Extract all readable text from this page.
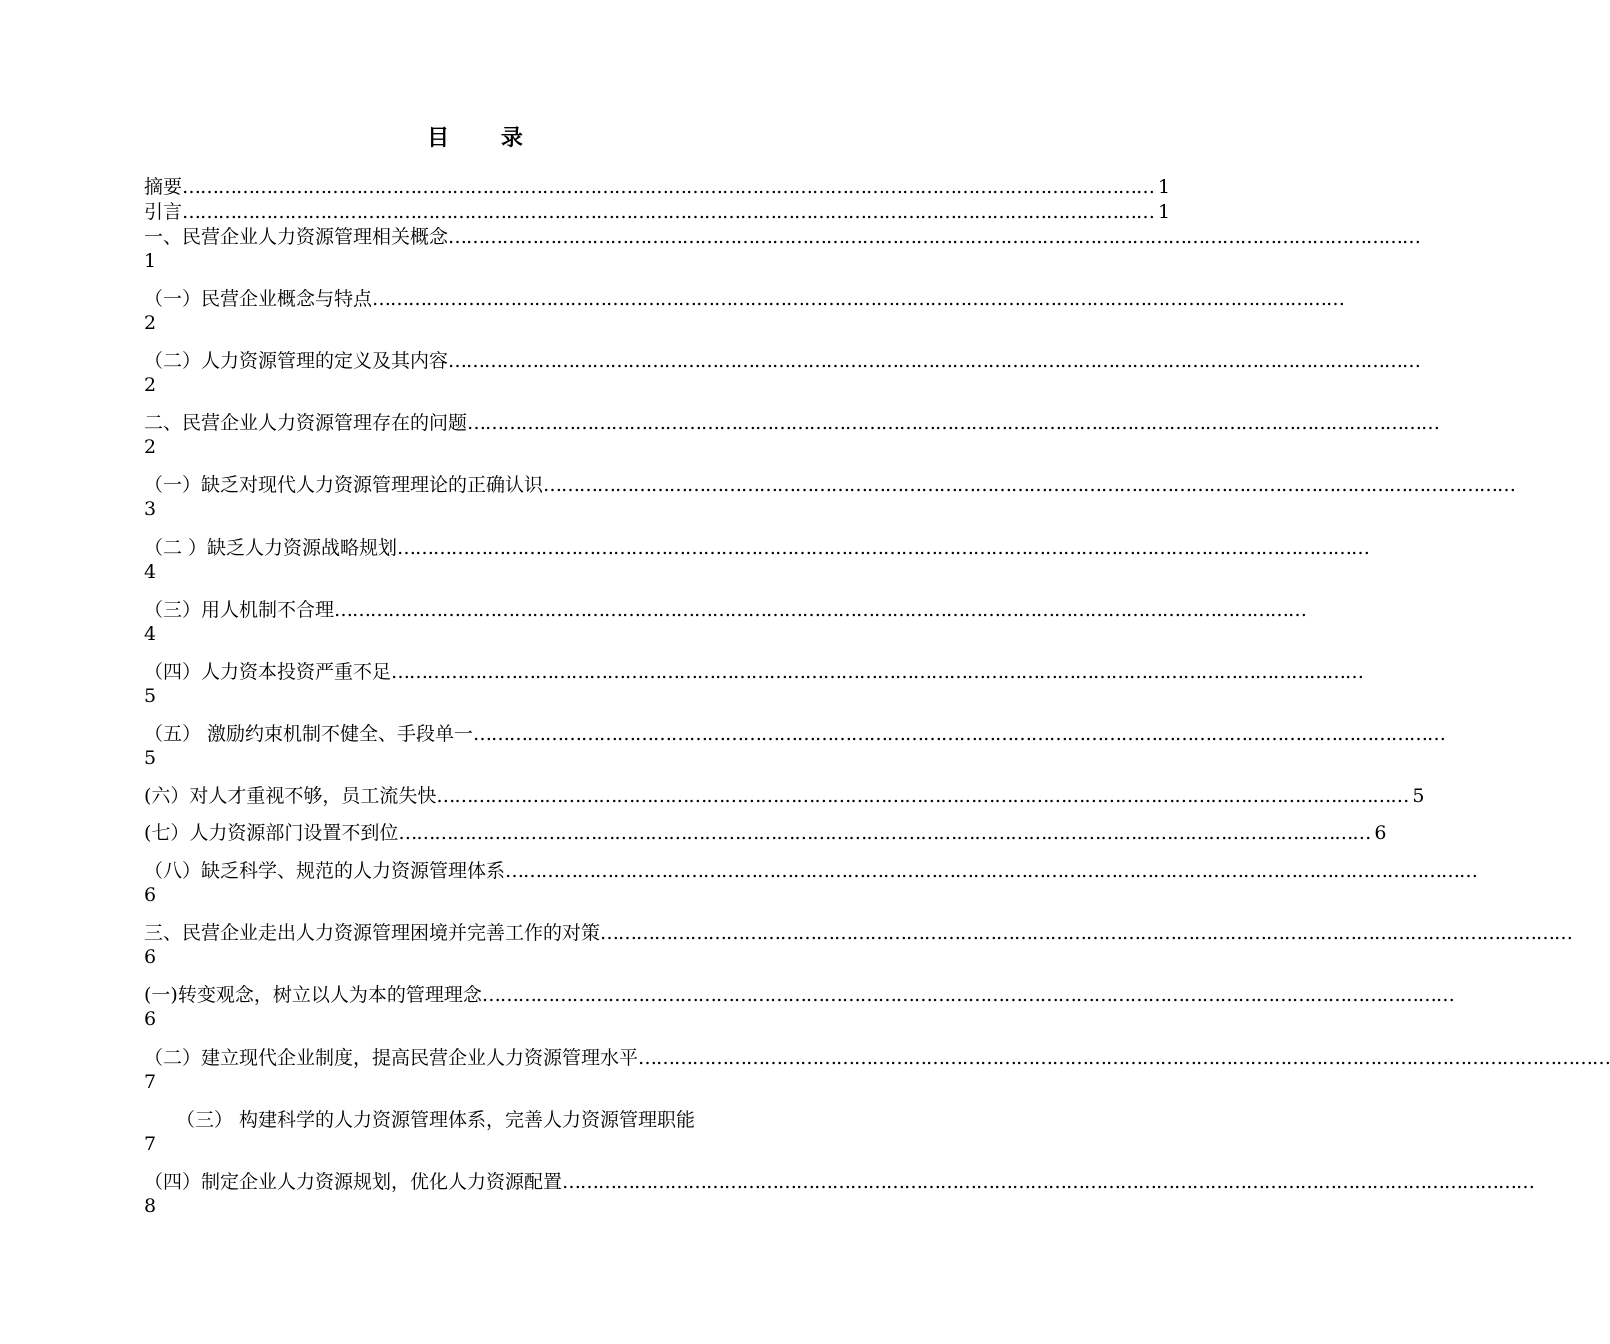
目 录
摘要 ……………………………………………………………………………………………………………………………………………… 1
引言 ……………………………………………………………………………………………………………………………………………… 1
一、民营企业人力资源管理相关概念 ………………………………………………………………………………………………………………………………………………
1
（一）民营企业概念与特点 ………………………………………………………………………………………………………………………………………………
2
（二）人力资源管理的定义及其内容 ………………………………………………………………………………………………………………………………………………
2
二、民营企业人力资源管理存在的问题 ………………………………………………………………………………………………………………………………………………
2
（一）缺乏对现代人力资源管理理论的正确认识 ………………………………………………………………………………………………………………………………………………
3
（二 ）缺乏人力资源战略规划 ………………………………………………………………………………………………………………………………………………
4
（三）用人机制不合理 ………………………………………………………………………………………………………………………………………………
4
（四）人力资本投资严重不足 ………………………………………………………………………………………………………………………………………………
5
（五） 激励约束机制不健全、手段单一 ………………………………………………………………………………………………………………………………………………
5
(六）对人才重视不够，员工流失快 ……………………………………………………………………………………………………………………………………………… 5
(七）人力资源部门设置不到位 ……………………………………………………………………………………………………………………………………………… 6
（八）缺乏科学、规范的人力资源管理体系 ………………………………………………………………………………………………………………………………………………
6
三、民营企业走出人力资源管理困境并完善工作的对策 ………………………………………………………………………………………………………………………………………………
6
(一)转变观念，树立以人为本的管理理念 ………………………………………………………………………………………………………………………………………………
6
（二）建立现代企业制度，提高民营企业人力资源管理水平 ………………………………………………………………………………………………………………………………………………
7
（三） 构建科学的人力资源管理体系，完善人力资源管理职能
7
（四）制定企业人力资源规划，优化人力资源配置 ………………………………………………………………………………………………………………………………………………
8
